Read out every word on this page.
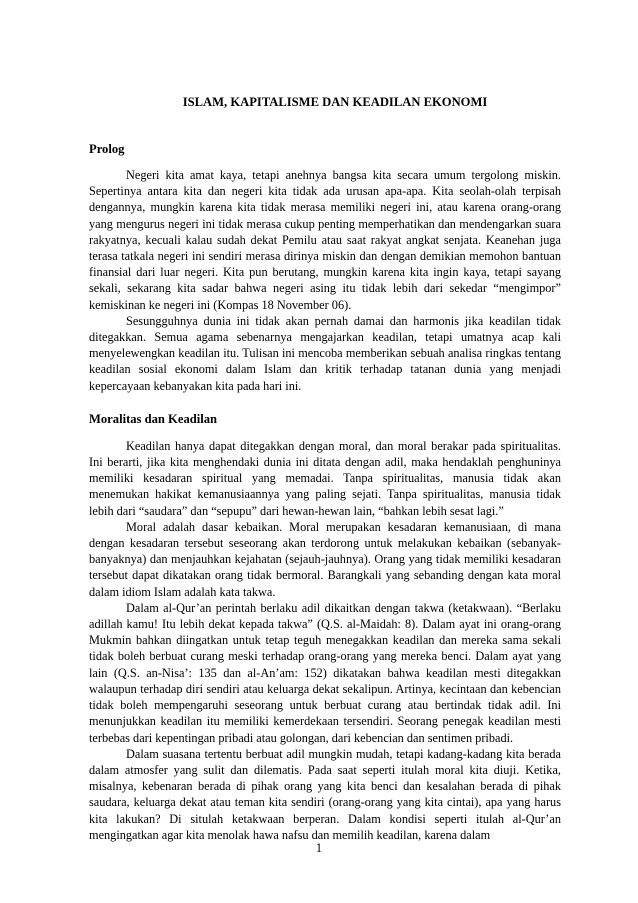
ISLAM, KAPITALISME DAN KEADILAN EKONOMI
Prolog

Negeri kita amat kaya, tetapi anehnya bangsa kita secara umum tergolong miskin. Sepertinya antara kita dan negeri kita tidak ada urusan apa-apa. Kita seolah-olah terpisah dengannya, mungkin karena kita tidak merasa memiliki negeri ini, atau karena orang-orang yang mengurus negeri ini tidak merasa cukup penting memperhatikan dan mendengarkan suara rakyatnya, kecuali kalau sudah dekat Pemilu atau saat rakyat angkat senjata. Keanehan juga terasa tatkala negeri ini sendiri merasa dirinya miskin dan dengan demikian memohon bantuan finansial dari luar negeri. Kita pun berutang, mungkin karena kita ingin kaya, tetapi sayang sekali, sekarang kita sadar bahwa negeri asing itu tidak lebih dari sekedar “mengimpor” kemiskinan ke negeri ini (Kompas 18 November 06).

Sesungguhnya dunia ini tidak akan pernah damai dan harmonis jika keadilan tidak ditegakkan. Semua agama sebenarnya mengajarkan keadilan, tetapi umatnya acap kali menyelewengkan keadilan itu. Tulisan ini mencoba memberikan sebuah analisa ringkas tentang keadilan sosial ekonomi dalam Islam dan kritik terhadap tatanan dunia yang menjadi kepercayaan kebanyakan kita pada hari ini.

Moralitas dan Keadilan

Keadilan hanya dapat ditegakkan dengan moral, dan moral berakar pada spiritualitas. Ini berarti, jika kita menghendaki dunia ini ditata dengan adil, maka hendaklah penghuninya memiliki kesadaran spiritual yang memadai. Tanpa spiritualitas, manusia tidak akan menemukan hakikat kemanusiaannya yang paling sejati. Tanpa spiritualitas, manusia tidak lebih dari “saudara” dan “sepupu” dari hewan-hewan lain, “bahkan lebih sesat lagi.”

Moral adalah dasar kebaikan. Moral merupakan kesadaran kemanusiaan, di mana dengan kesadaran tersebut seseorang akan terdorong untuk melakukan kebaikan (sebanyak-banyaknya) dan menjauhkan kejahatan (sejauh-jauhnya). Orang yang tidak memiliki kesadaran tersebut dapat dikatakan orang tidak bermoral. Barangkali yang sebanding dengan kata moral dalam idiom Islam adalah kata takwa.

Dalam al-Qur’an perintah berlaku adil dikaitkan dengan takwa (ketakwaan). “Berlaku adillah kamu! Itu lebih dekat kepada takwa” (Q.S. al-Maidah: 8). Dalam ayat ini orang-orang Mukmin bahkan diingatkan untuk tetap teguh menegakkan keadilan dan mereka sama sekali tidak boleh berbuat curang meski terhadap orang-orang yang mereka benci. Dalam ayat yang lain (Q.S. an-Nisa’: 135 dan al-An’am: 152) dikatakan bahwa keadilan mesti ditegakkan walaupun terhadap diri sendiri atau keluarga dekat sekalipun. Artinya, kecintaan dan kebencian tidak boleh mempengaruhi seseorang untuk berbuat curang atau bertindak tidak adil. Ini menunjukkan keadilan itu memiliki kemerdekaan tersendiri. Seorang penegak keadilan mesti terbebas dari kepentingan pribadi atau golongan, dari kebencian dan sentimen pribadi.

Dalam suasana tertentu berbuat adil mungkin mudah, tetapi kadang-kadang kita berada dalam atmosfer yang sulit dan dilematis. Pada saat seperti itulah moral kita diuji. Ketika, misalnya, kebenaran berada di pihak orang yang kita benci dan kesalahan berada di pihak saudara, keluarga dekat atau teman kita sendiri (orang-orang yang kita cintai), apa yang harus kita lakukan? Di situlah ketakwaan berperan. Dalam kondisi seperti itulah al-Qur’an mengingatkan agar kita menolak hawa nafsu dan memilih keadilan, karena dalam

1
